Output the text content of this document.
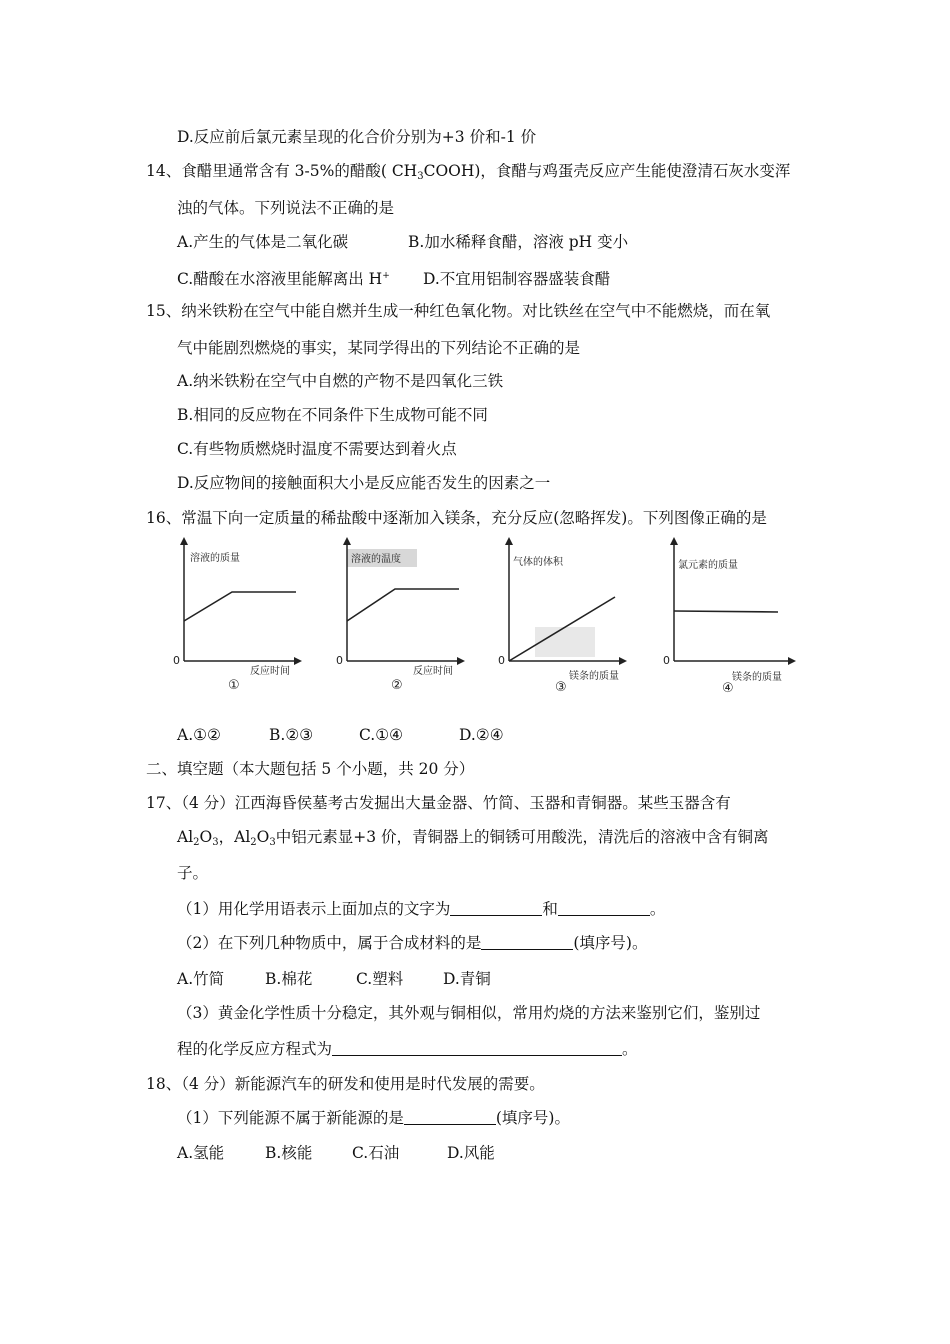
D.反应前后氯元素呈现的化合价分别为+3 价和-1 价
14、食醋里通常含有 3-5%的醋酸( $CH_3COOH$)，食醋与鸡蛋壳反应产生能使澄清石灰水变浑
浊的气体。下列说法不正确的是
A.产生的气体是二氧化碳	B.加水稀释食醋，溶液 pH 变小
C.醋酸在水溶液里能解离出 H+ D.不宜用铝制容器盛装食醋
15、纳米铁粉在空气中能自燃并生成一种红色氧化物。对比铁丝在空气中不能燃烧，而在氧
气中能剧烈燃烧的事实，某同学得出的下列结论不正确的是
A.纳米铁粉在空气中自燃的产物不是四氧化三铁
B.相同的反应物在不同条件下生成物可能不同
C.有些物质燃烧时温度不需要达到着火点
D.反应物间的接触面积大小是反应能否发生的因素之一
16、常温下向一定质量的稀盐酸中逐渐加入镁条，充分反应(忽略挥发)。下列图像正确的是
溶液的质量
0
反应时间
①
溶液的温度
0
反应时间
②
气体的体积
0
镁条的质量
③
氯元素的质量
0
镁条的质量
④
A.①②	B.②③	C.①④	D.②④
二、填空题（本大题包括 5 个小题，共 20 分）
17、（4 分）江西海昏侯墓考古发掘出大量金器、竹简、玉器和青铜器。某些玉器含有
$Al_2O_3$，$Al_2O_3$中铝元素显+3 价，青铜器上的铜锈可用酸洗，清洗后的溶液中含有铜离
子。
（1）用化学用语表示上面加点的文字为	和	。
（2）在下列几种物质中，属于合成材料的是	(填序号)。
A.竹简	B.棉花	C.塑料	D.青铜
（3）黄金化学性质十分稳定，其外观与铜相似，常用灼烧的方法来鉴别它们，鉴别过
程的化学反应方程式为	。
18、（4 分）新能源汽车的研发和使用是时代发展的需要。
（1）下列能源不属于新能源的是	(填序号)。
A.氢能	B.核能	C.石油	D.风能
